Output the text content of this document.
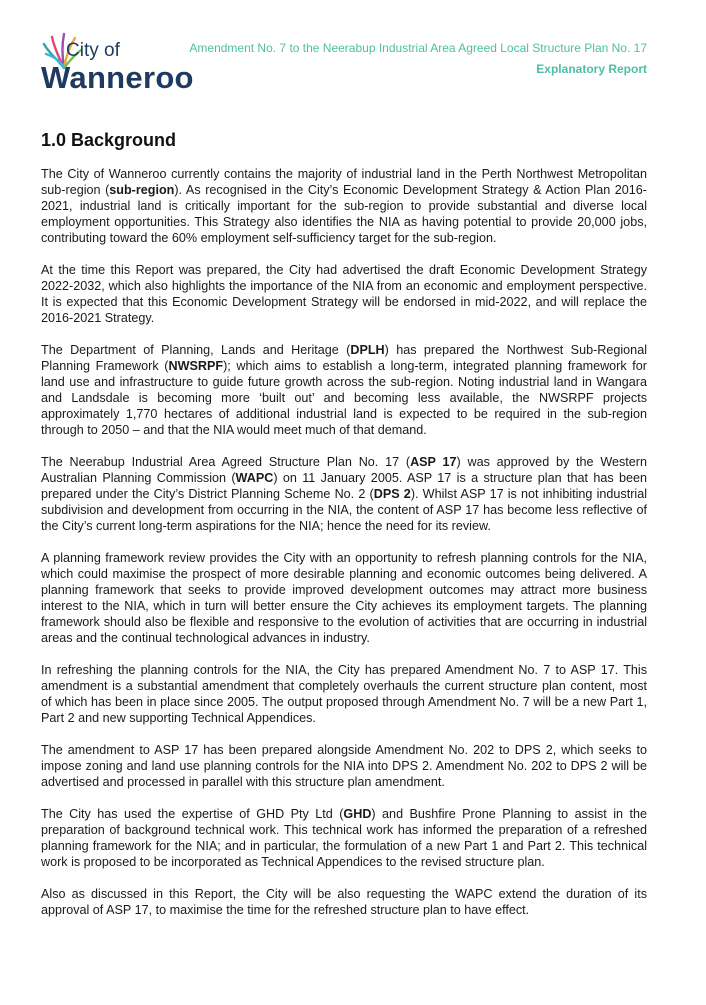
City of
Wanneroo
Amendment No. 7 to the Neerabup Industrial Area Agreed Local Structure Plan No. 17
Explanatory Report
1.0 Background

The City of Wanneroo currently contains the majority of industrial land in the Perth Northwest Metropolitan sub-region (sub-region). As recognised in the City’s Economic Development Strategy & Action Plan 2016-2021, industrial land is critically important for the sub-region to provide substantial and diverse local employment opportunities. This Strategy also identifies the NIA as having potential to provide 20,000 jobs, contributing toward the 60% employment self-sufficiency target for the sub-region.

At the time this Report was prepared, the City had advertised the draft Economic Development Strategy 2022-2032, which also highlights the importance of the NIA from an economic and employment perspective. It is expected that this Economic Development Strategy will be endorsed in mid-2022, and will replace the 2016-2021 Strategy.

The Department of Planning, Lands and Heritage (DPLH) has prepared the Northwest Sub-Regional Planning Framework (NWSRPF); which aims to establish a long-term, integrated planning framework for land use and infrastructure to guide future growth across the sub-region. Noting industrial land in Wangara and Landsdale is becoming more ‘built out’ and becoming less available, the NWSRPF projects approximately 1,770 hectares of additional industrial land is expected to be required in the sub-region through to 2050 – and that the NIA would meet much of that demand.

The Neerabup Industrial Area Agreed Structure Plan No. 17 (ASP 17) was approved by the Western Australian Planning Commission (WAPC) on 11 January 2005. ASP 17 is a structure plan that has been prepared under the City’s District Planning Scheme No. 2 (DPS 2). Whilst ASP 17 is not inhibiting industrial subdivision and development from occurring in the NIA, the content of ASP 17 has become less reflective of the City’s current long-term aspirations for the NIA; hence the need for its review.

A planning framework review provides the City with an opportunity to refresh planning controls for the NIA, which could maximise the prospect of more desirable planning and economic outcomes being delivered. A planning framework that seeks to provide improved development outcomes may attract more business interest to the NIA, which in turn will better ensure the City achieves its employment targets. The planning framework should also be flexible and responsive to the evolution of activities that are occurring in industrial areas and the continual technological advances in industry.

In refreshing the planning controls for the NIA, the City has prepared Amendment No. 7 to ASP 17. This amendment is a substantial amendment that completely overhauls the current structure plan content, most of which has been in place since 2005. The output proposed through Amendment No. 7 will be a new Part 1, Part 2 and new supporting Technical Appendices.

The amendment to ASP 17 has been prepared alongside Amendment No. 202 to DPS 2, which seeks to impose zoning and land use planning controls for the NIA into DPS 2. Amendment No. 202 to DPS 2 will be advertised and processed in parallel with this structure plan amendment.

The City has used the expertise of GHD Pty Ltd (GHD) and Bushfire Prone Planning to assist in the preparation of background technical work. This technical work has informed the preparation of a refreshed planning framework for the NIA; and in particular, the formulation of a new Part 1 and Part 2. This technical work is proposed to be incorporated as Technical Appendices to the revised structure plan.

Also as discussed in this Report, the City will be also requesting the WAPC extend the duration of its approval of ASP 17, to maximise the time for the refreshed structure plan to have effect.
